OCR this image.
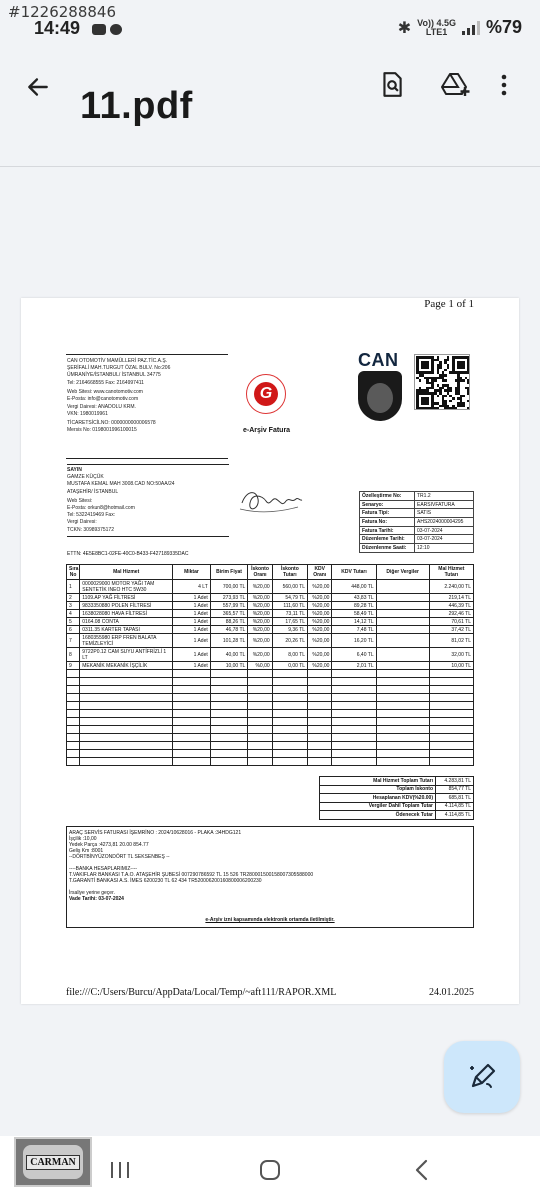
#1226288846
14:49	✱ Vo)) 4.5G
LTE1	%79
11.pdf
Page 1 of 1
CAN OTOMOTİV MAMÜLLERİ PAZ.TİC.A.Ş.
ŞERİFALİ MAH.TURGUT ÖZAL BULV. No:206
ÜMRANİYE/İSTANBUL/ İSTANBUL 34775
Tel: 2164668555 Fax: 2164997411
Web Sitesi: www.canotomotiv.com
E-Posta: info@canotomotiv.com
Vergi Dairesi: ANADOLU KRM.
VKN: 1980019961
TİCARETSİCİLNO: 0000000000006578
Mersis No: 0198001996100015
G
e-Arşiv Fatura
CAN
SAYIN
GAMZE KÜÇÜK
MUSTAFA KEMAL MAH 3008.CAD NO:50AA/24
ATAŞEHİR/ İSTANBUL
Web Sitesi:
E-Posta: orkun8@hotmail.com
Tel: 5322419469 Fax:
Vergi Dairesi:
TCKN: 30989375172
Özelleştirme No:	TR1.2
Senaryo:	EARSIVFATURA
Fatura Tipi:	SATIS
Fatura No:	AHS2024000004295
Fatura Tarihi:	03-07-2024
Düzenleme Tarihi:	03-07-2024
Düzenlenme Saati:	12:10
ETTN: 4E5E8BC1-02FE-40C0-B433-F427189335DAC
Sıra No	Mal Hizmet	Miktar	Birim Fiyat	İskonto Oranı	İskonto Tutarı	KDV Oranı	KDV Tutarı	Diğer Vergiler	Mal Hizmet Tutarı
1	0000029000 MOTOR YAĞI TAM SENTETİK INEO HTC 5W30	4 LT	700,00 TL	%20,00	560,00 TL	%20,00	448,00 TL		2.240,00 TL
2	1109.AP YAĞ FİLTRESİ	1 Adet	273,93 TL	%20,00	54,79 TL	%20,00	43,83 TL		219,14 TL
3	9833350880 POLEN FİLTRESİ	1 Adet	557,99 TL	%20,00	111,60 TL	%20,00	89,28 TL		446,39 TL
4	1638028080 HAVA FİLTRESİ	1 Adet	365,57 TL	%20,00	73,11 TL	%20,00	58,49 TL		292,46 TL
5	0164.08 CONTA	1 Adet	88,26 TL	%20,00	17,65 TL	%20,00	14,12 TL		70,61 TL
6	0311.35 KARTER TAPASI	1 Adet	46,78 TL	%20,00	9,36 TL	%20,00	7,48 TL		37,42 TL
7	1680355980 ERP FREN BALATA TEMİZLEYİCİ	1 Adet	101,28 TL	%20,00	20,26 TL	%20,00	16,20 TL		81,02 TL
8	9722P0.12 CAM SUYU ANTİFRİZLİ 1 LT	1 Adet	40,00 TL	%20,00	8,00 TL	%20,00	6,40 TL		32,00 TL
9	MEKANİK MEKANİK İŞÇİLİK	1 Adet	10,00 TL	%0,00	0,00 TL	%20,00	2,01 TL		10,00 TL

Mal Hizmet Toplam Tutarı	4.283,81 TL
Toplam İskonto	854,77 TL
Hesaplanan KDV(%20.00)	685,81 TL
Vergiler Dahil Toplam Tutar	4.114,85 TL
Ödenecek Tutar	4.114,85 TL
ARAÇ SERVİS FATURASI İŞEMRİNO : 2024/10628016 - PLAKA :34HDG121
İşçilik :10,00
Yedek Parça :4273,81 20.00 854.77
Geliş Km :8001
--DÖRTBİNYÜZONDÖRT TL SEKSENBEŞ --

----BANKA HESAPLARIMIZ----
T.VAKIFLAR BANKASI T.A.O. ATAŞEHİR ŞUBESİ 007290786592 TL 15 526 TR280001500158007305588000
T.GARANTİ BANKASI A.S. İMES 6200230 TL 62 434 TR520006200160800006200230

İrsaliye yerine geçer.
Vade Tarihi: 03-07-2024
e-Arşiv izni kapsamında elektronik ortamda iletilmiştir.
file:///C:/Users/Burcu/AppData/Local/Temp/~aft111/RAPOR.XML	24.01.2025
CARMAN
